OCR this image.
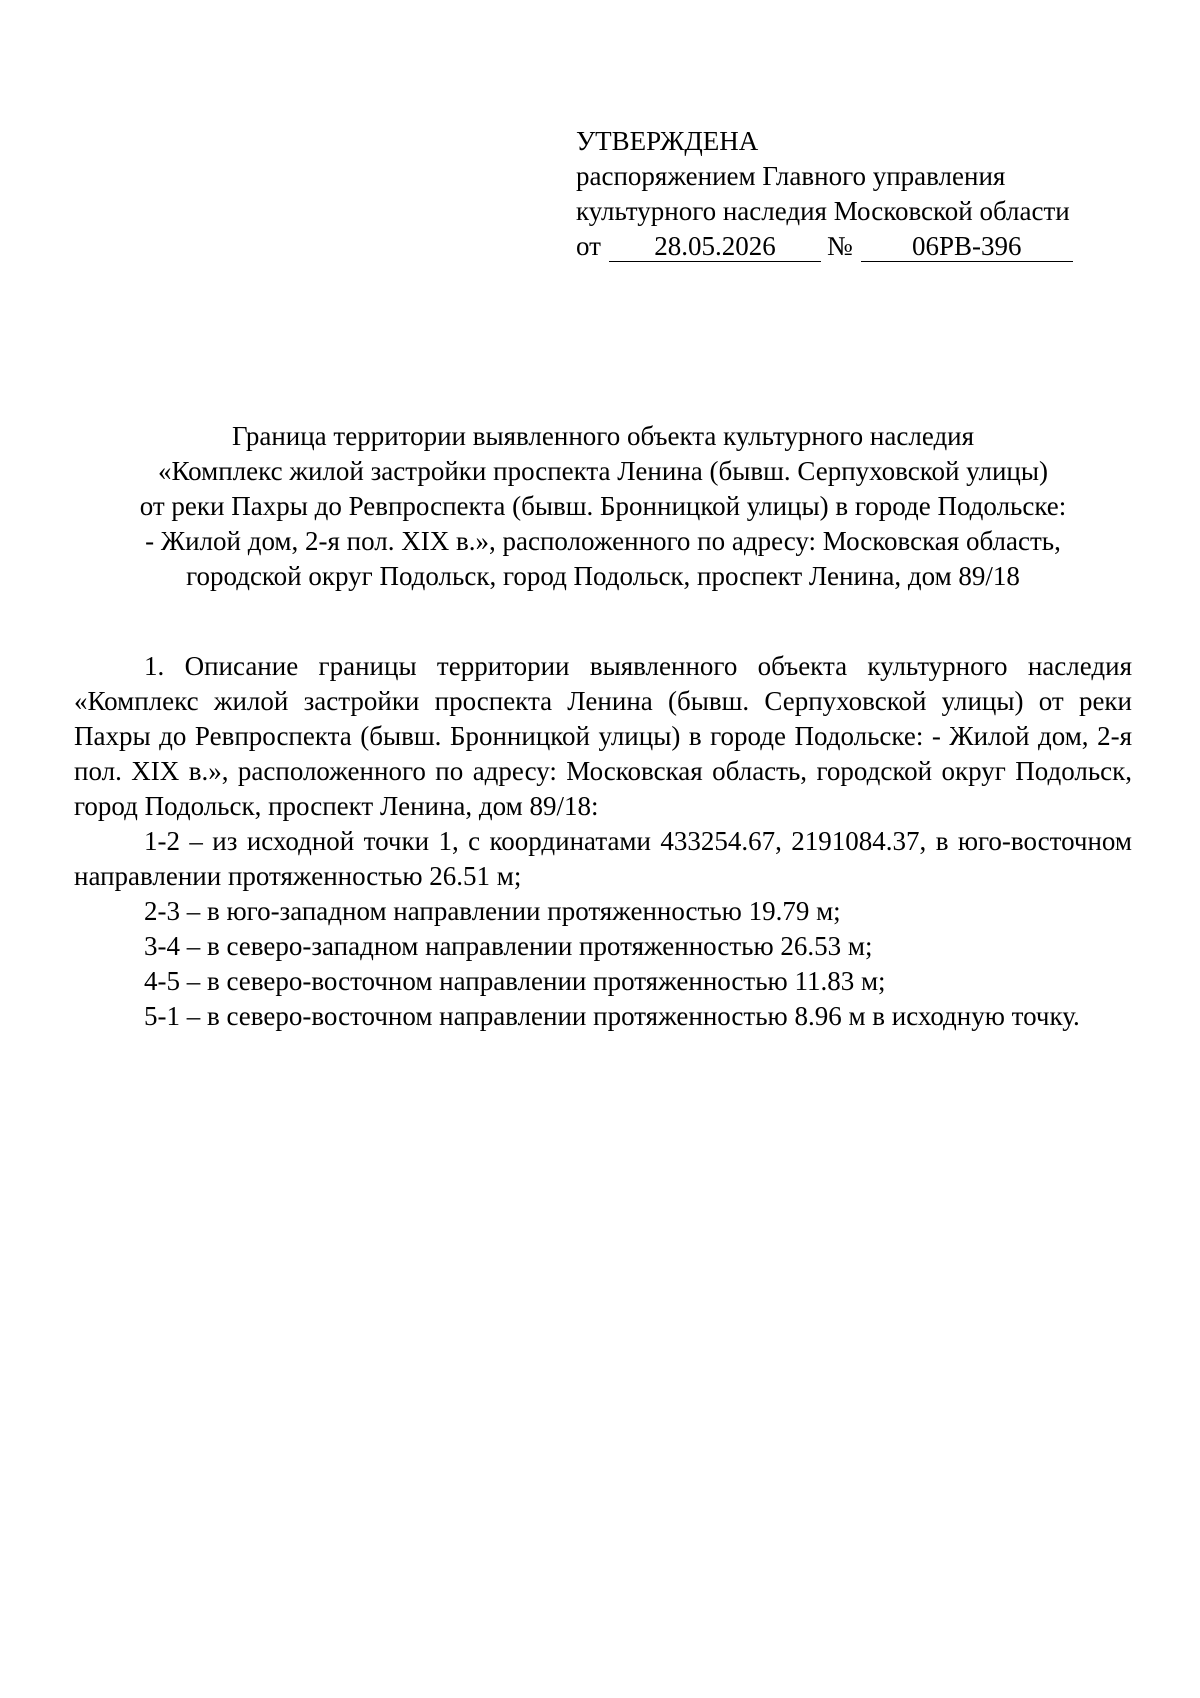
УТВЕРЖДЕНА
распоряжением Главного управления
культурного наследия Московской области
от	28.05.2026	№	06РВ-396
Граница территории выявленного объекта культурного наследия
«Комплекс жилой застройки проспекта Ленина (бывш. Серпуховской улицы)
от реки Пахры до Ревпроспекта (бывш. Бронницкой улицы) в городе Подольске:
- Жилой дом, 2-я пол. XIX в.», расположенного по адресу: Московская область,
городской округ Подольск, город Подольск, проспект Ленина, дом 89/18

1. Описание границы территории выявленного объекта культурного наследия «Комплекс жилой застройки проспекта Ленина (бывш. Серпуховской улицы) от реки Пахры до Ревпроспекта (бывш. Бронницкой улицы) в городе Подольске: - Жилой дом, 2-я пол. XIX в.», расположенного по адресу: Московская область, городской округ Подольск, город Подольск, проспект Ленина, дом 89/18:

1-2 – из исходной точки 1, с координатами 433254.67, 2191084.37, в юго-восточном направлении протяженностью 26.51 м;

2-3 – в юго-западном направлении протяженностью 19.79 м;

3-4 – в северо-западном направлении протяженностью 26.53 м;

4-5 – в северо-восточном направлении протяженностью 11.83 м;

5-1 – в северо-восточном направлении протяженностью 8.96 м в исходную точку.
